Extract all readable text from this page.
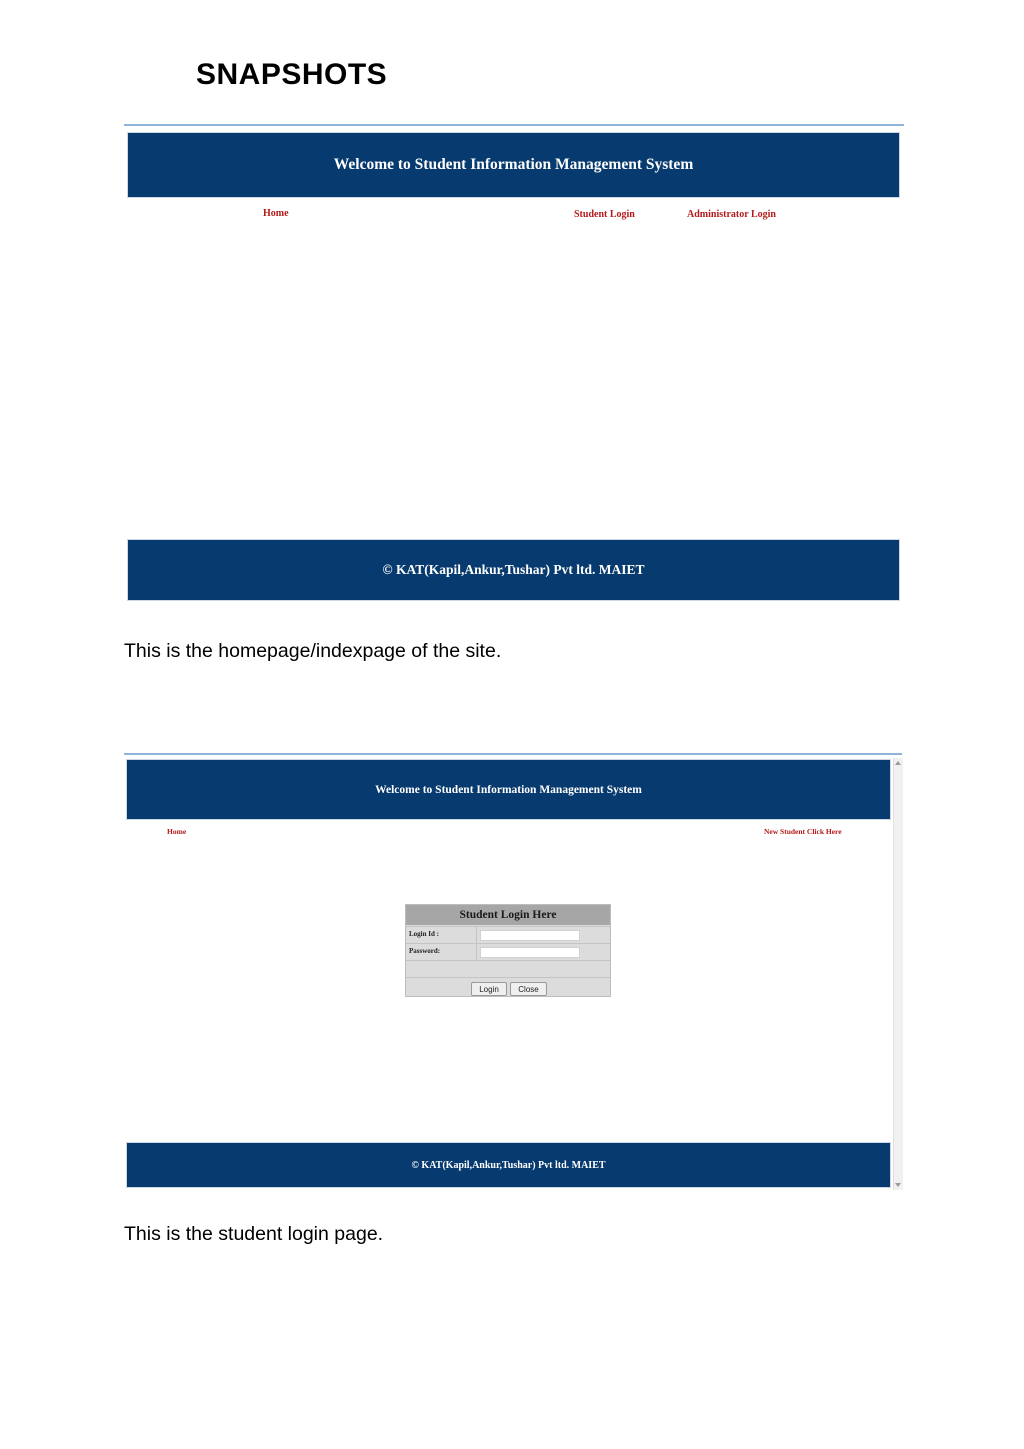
SNAPSHOTS
Welcome to Student Information Management System
Home	Student Login	Administrator Login
© KAT(Kapil,Ankur,Tushar) Pvt ltd. MAIET
This is the homepage/indexpage of the site.
Welcome to Student Information Management System
Home	New Student Click Here
Student Login Here
Login Id :
Password:
Login	Close
© KAT(Kapil,Ankur,Tushar) Pvt ltd. MAIET
This is the student login page.
